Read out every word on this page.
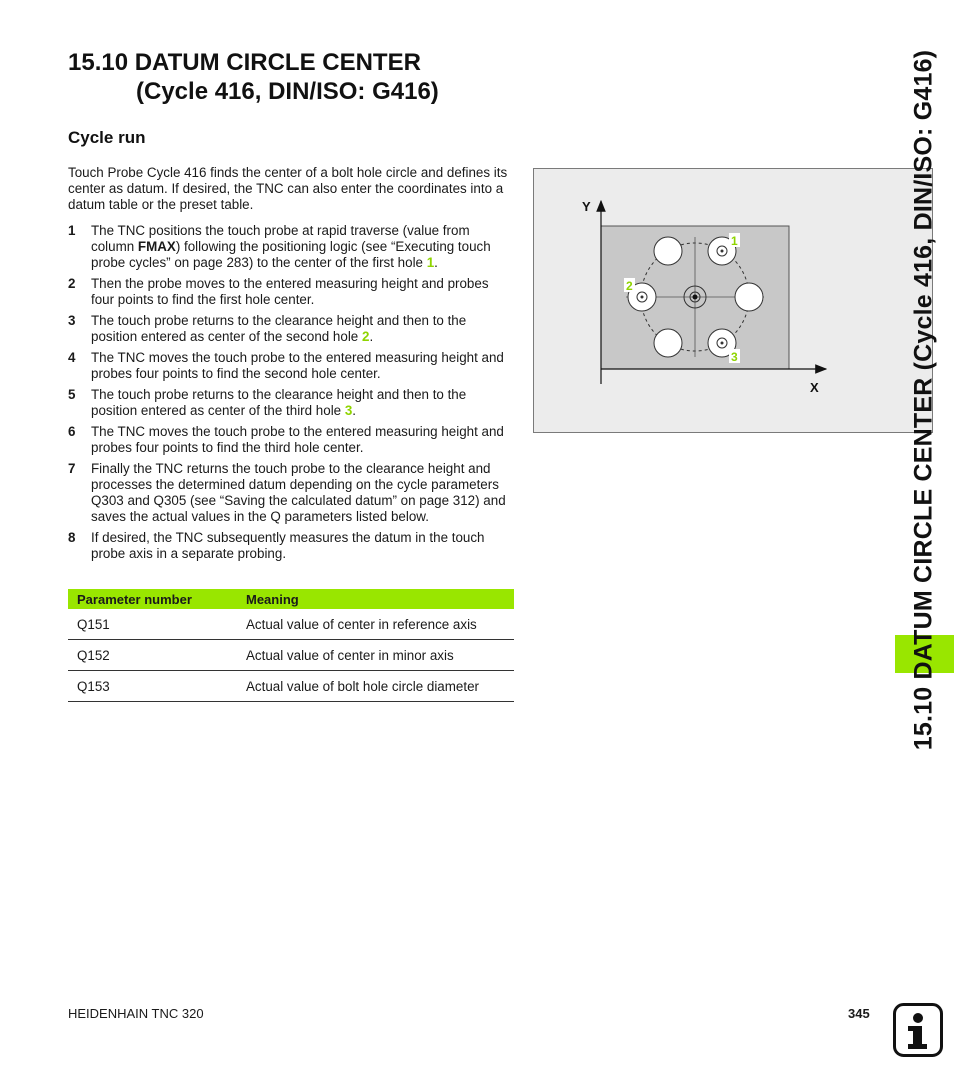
15.10 DATUM CIRCLE CENTER
(Cycle 416, DIN/ISO: G416)
Cycle run

Touch Probe Cycle 416 finds the center of a bolt hole circle and defines its center as datum. If desired, the TNC can also enter the coordinates into a datum table or the preset table.

1	The TNC positions the touch probe at rapid traverse (value from column FMAX) following the positioning logic (see “Executing touch probe cycles” on page 283) to the center of the first hole 1.
2	Then the probe moves to the entered measuring height and probes four points to find the first hole center.
3	The touch probe returns to the clearance height and then to the position entered as center of the second hole 2.
4	The TNC moves the touch probe to the entered measuring height and probes four points to find the second hole center.
5	The touch probe returns to the clearance height and then to the position entered as center of the third hole 3.
6	The TNC moves the touch probe to the entered measuring height and probes four points to find the third hole center.
7	Finally the TNC returns the touch probe to the clearance height and processes the determined datum depending on the cycle parameters Q303 and Q305 (see “Saving the calculated datum” on page 312) and saves the actual values in the Q parameters listed below.
8	If desired, the TNC subsequently measures the datum in the touch probe axis in a separate probing.
Parameter number	Meaning
Q151	Actual value of center in reference axis
Q152	Actual value of center in minor axis
Q153	Actual value of bolt hole circle diameter
Y
X
1
2
3	15.10 DATUM CIRCLE CENTER (Cycle 416, DIN/ISO: G416)
HEIDENHAIN TNC 320	345
